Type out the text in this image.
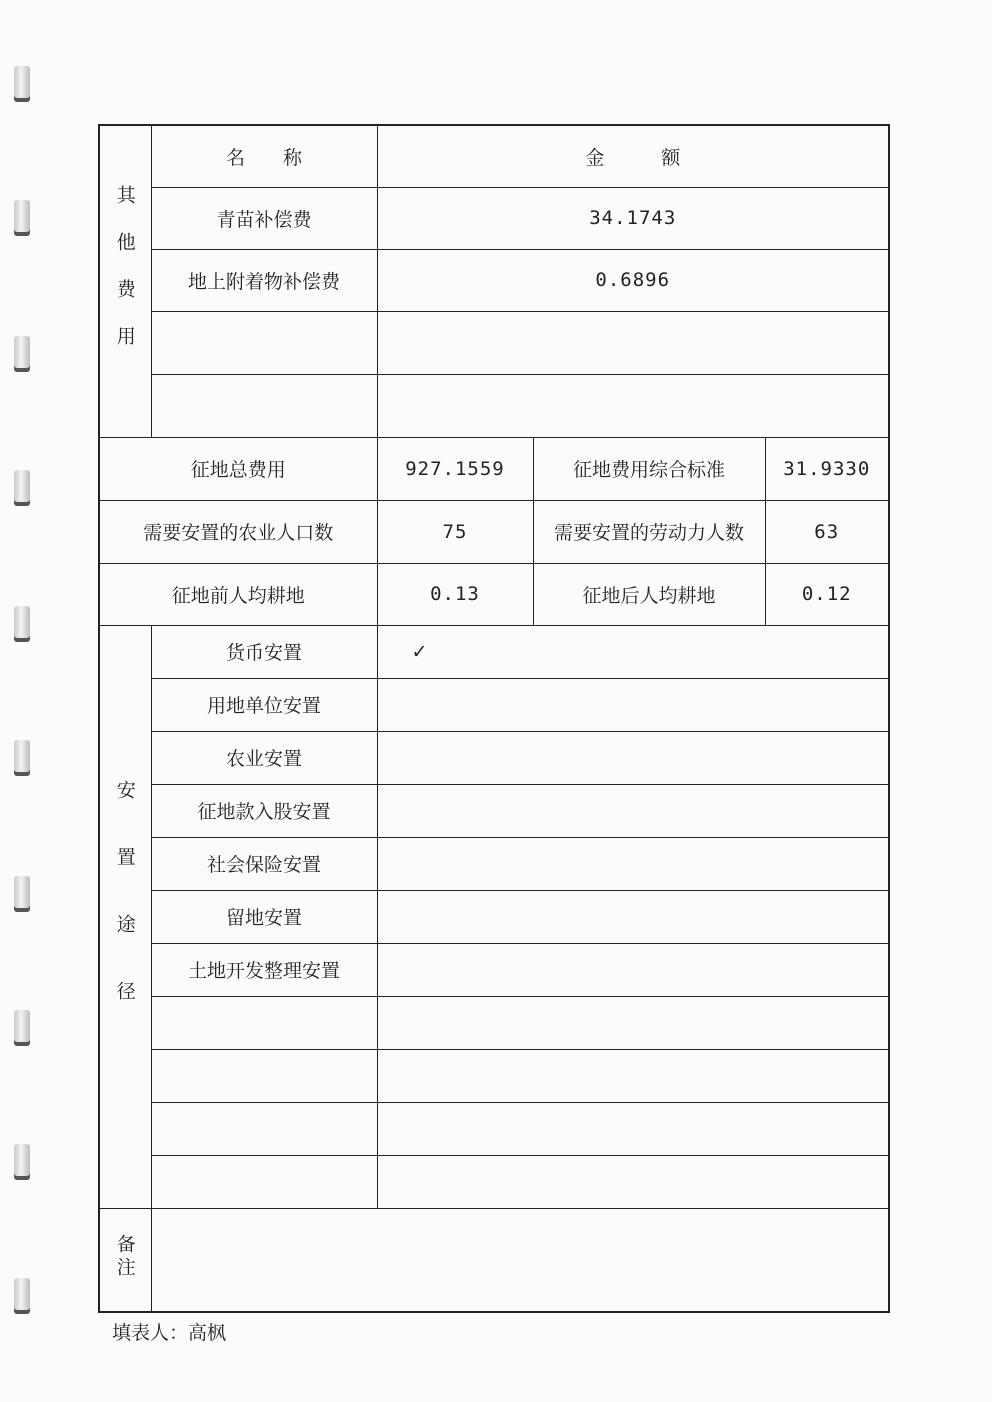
其他费用	名　　称	金　　　额		
	青苗补偿费	34.1743		
	地上附着物补偿费	0.6896		

征地总费用		927.1559	征地费用综合标准	31.9330
需要安置的农业人口数		75	需要安置的劳动力人数	63
征地前人均耕地		0.13	征地后人均耕地	0.12
安置途径	货币安置	✓		
	用地单位安置			
	农业安置			
	征地款入股安置			
	社会保险安置			
	留地安置			
	土地开发整理安置			

备注				
填表人：高枫
